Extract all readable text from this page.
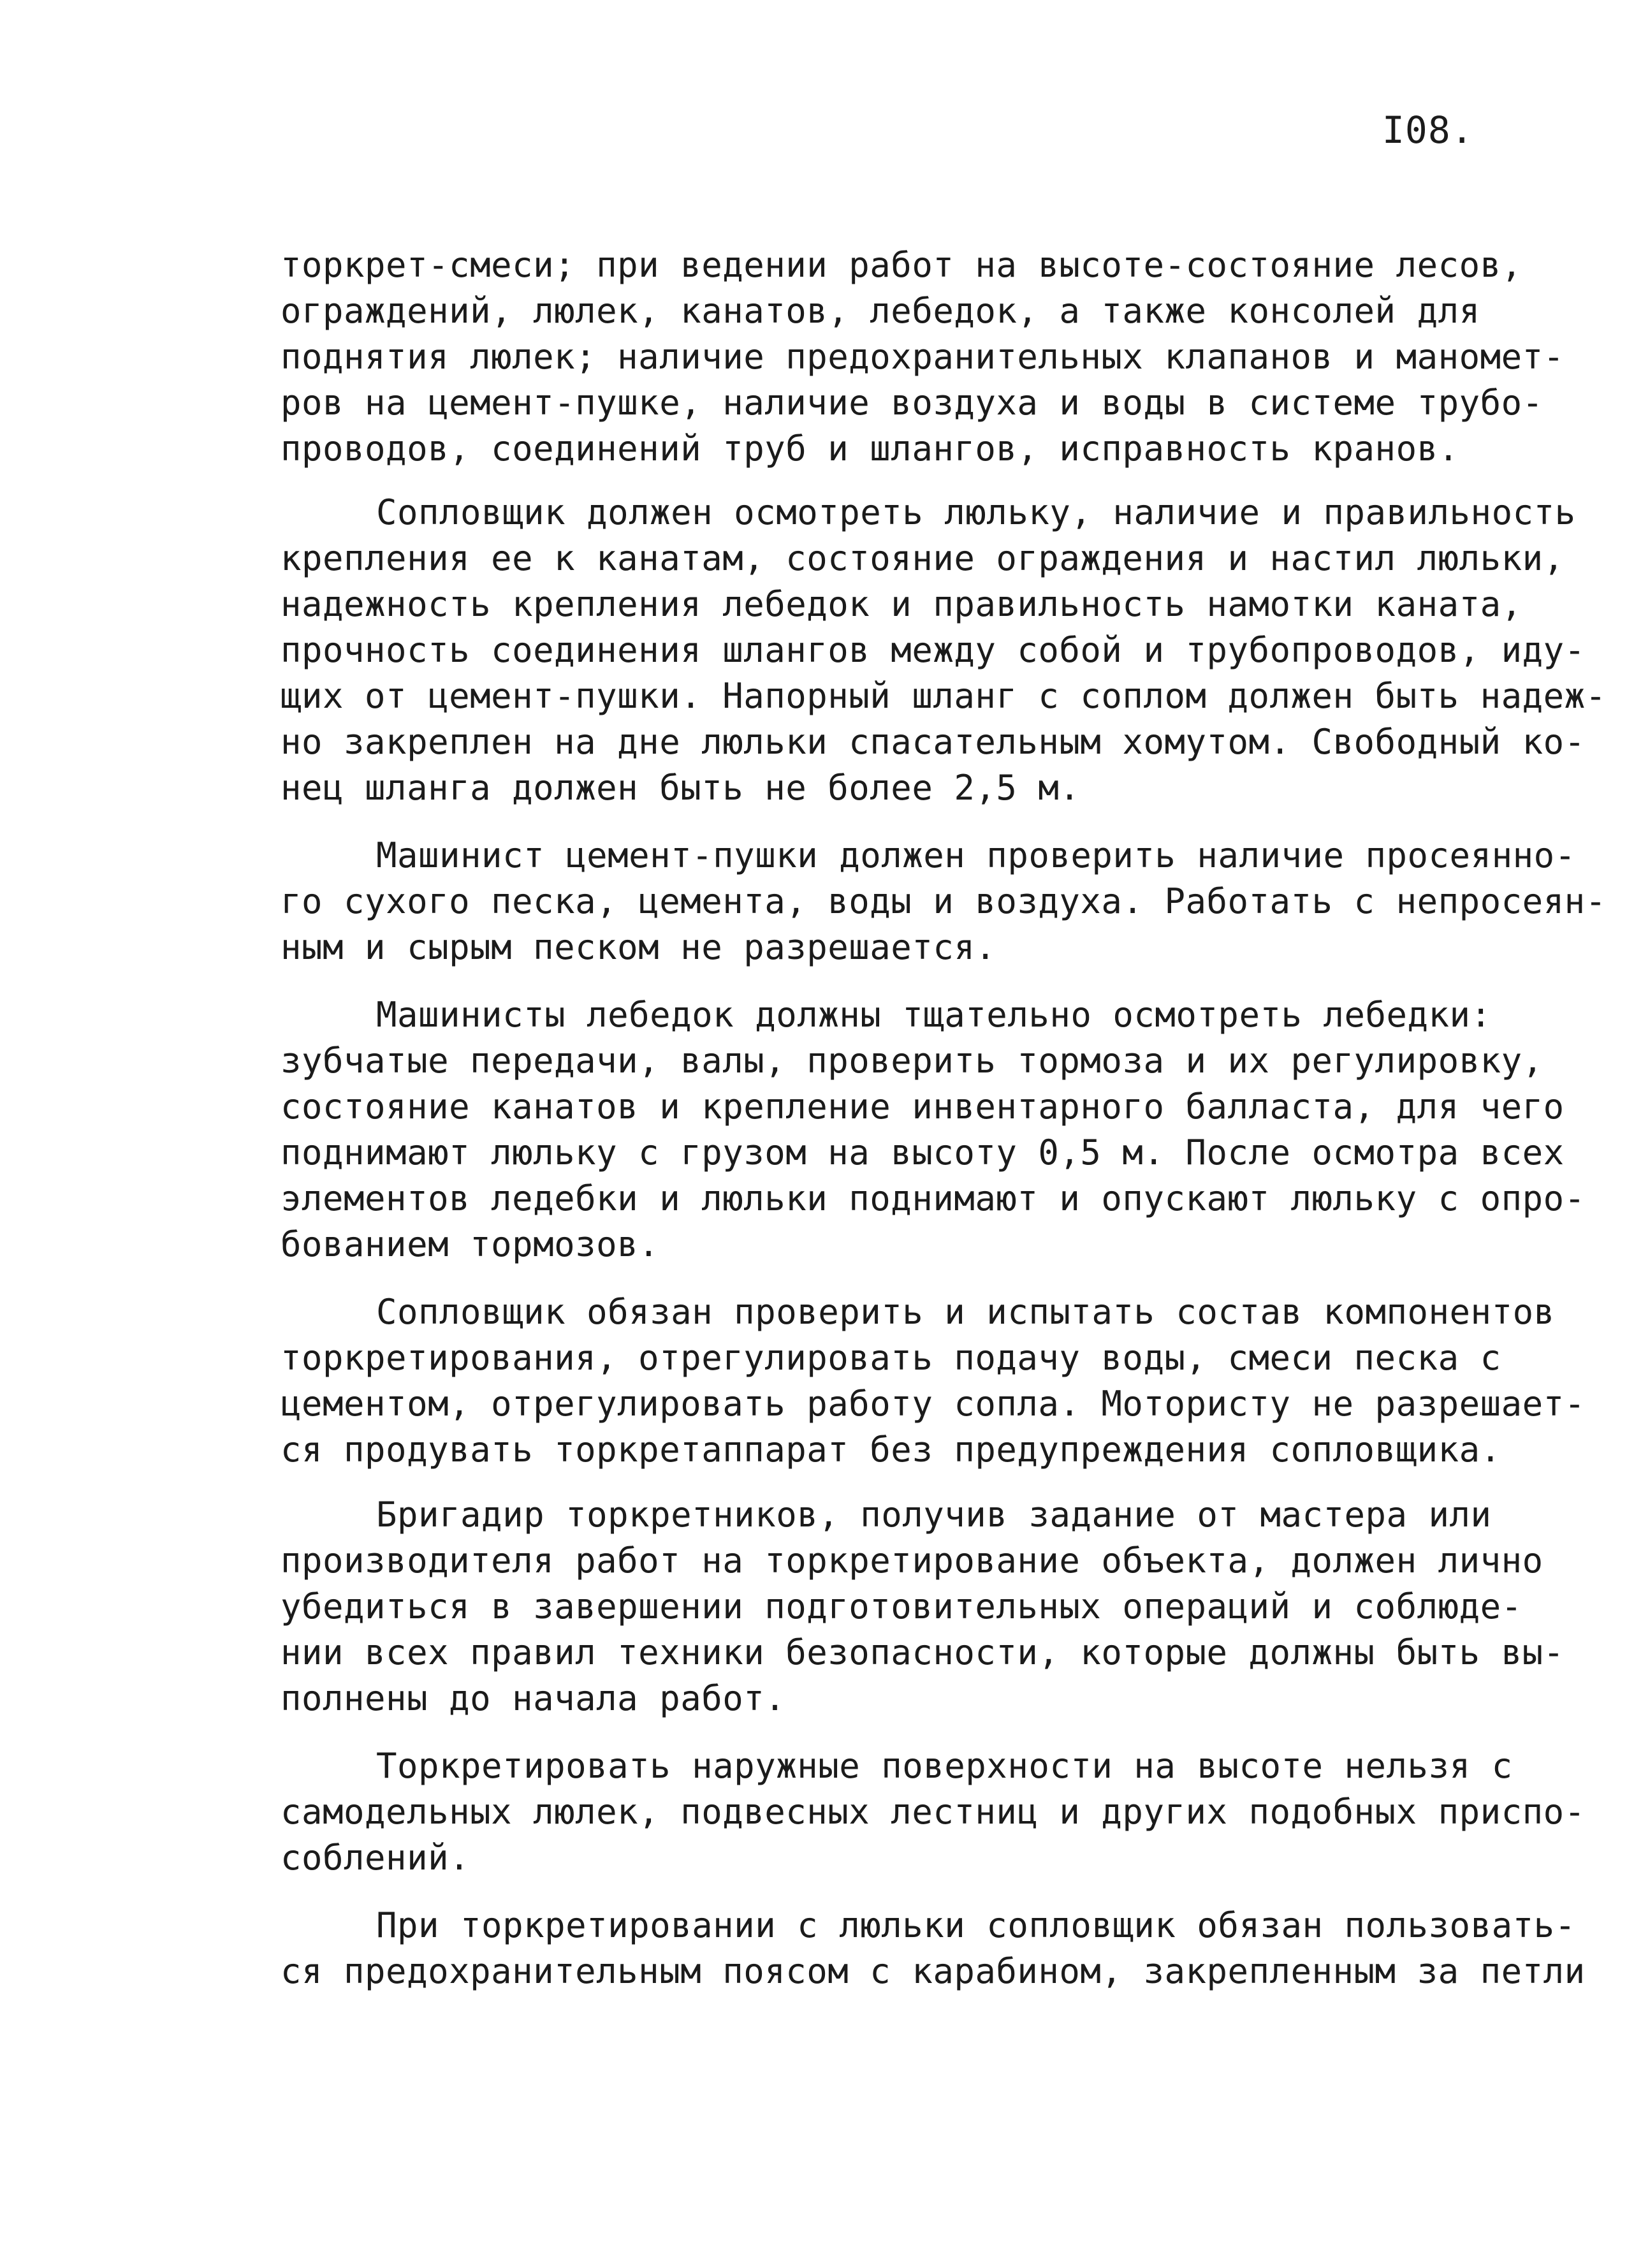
I08.
торкрет-смеси; при ведении работ на высоте-состояние лесов,
ограждений, люлек, канатов, лебедок, а также консолей для
поднятия люлек; наличие предохранительных клапанов и маномет-
ров на цемент-пушке, наличие воздуха и воды в системе трубо-
проводов, соединений труб и шлангов, исправность кранов.
Сопловщик должен осмотреть люльку, наличие и правильность
крепления ее к канатам, состояние ограждения и настил люльки,
надежность крепления лебедок и правильность намотки каната,
прочность соединения шлангов между собой и трубопроводов, иду-
щих от цемент-пушки. Напорный шланг с соплом должен быть надеж-
но закреплен на дне люльки спасательным хомутом. Свободный ко-
нец шланга должен быть не более 2,5 м.
Машинист цемент-пушки должен проверить наличие просеянно-
го сухого песка, цемента, воды и воздуха. Работать с непросеян-
ным и сырым песком не разрешается.
Машинисты лебедок должны тщательно осмотреть лебедки:
зубчатые передачи, валы, проверить тормоза и их регулировку,
состояние канатов и крепление инвентарного балласта, для чего
поднимают люльку с грузом на высоту 0,5 м. После осмотра всех
элементов ледебки и люльки поднимают и опускают люльку с опро-
бованием тормозов.
Сопловщик обязан проверить и испытать состав компонентов
торкретирования, отрегулировать подачу воды, смеси песка с
цементом, отрегулировать работу сопла. Мотористу не разрешает-
ся продувать торкретаппарат без предупреждения сопловщика.
Бригадир торкретников, получив задание от мастера или
производителя работ на торкретирование объекта, должен лично
убедиться в завершении подготовительных операций и соблюде-
нии всех правил техники безопасности, которые должны быть вы-
полнены до начала работ.
Торкретировать наружные поверхности на высоте нельзя с
самодельных люлек, подвесных лестниц и других подобных приспо-
соблений.
При торкретировании с люльки сопловщик обязан пользовать-
ся предохранительным поясом с карабином, закрепленным за петли
